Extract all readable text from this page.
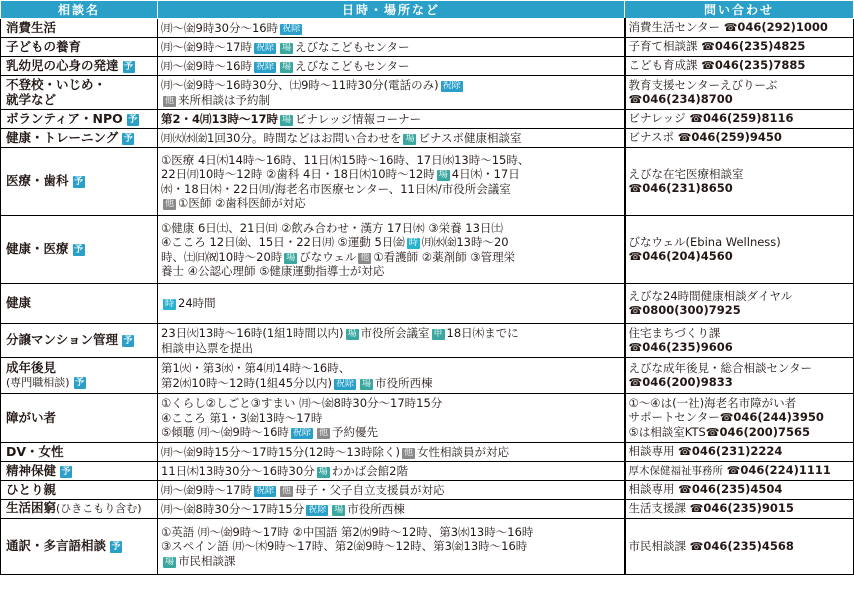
相談名	日時・場所など	問い合わせ
消費生活	㈪〜㈮9時30分〜16時 祝除	消費生活センター ☎046(292)1000
子どもの養育	㈪〜㈮9時〜17時 祝除 場 えびなこどもセンター	子育て相談課 ☎046(235)4825
乳幼児の心身の発達 予	㈪〜㈮9時〜16時 祝除 場 えびなこどもセンター	こども育成課 ☎046(235)7885
不登校・いじめ・
就学など	㈪〜㈮9時〜16時30分、㈯9時〜11時30分(電話のみ) 祝除
他 来所相談は予約制	教育支援センターえびりーぶ
☎046(234)8700
ボランティア・NPO 予	第2・4㈪13時〜17時 場 ビナレッジ情報コーナー	ビナレッジ ☎046(259)8116
健康・トレーニング 予	㈪㈫㈬㈮1回30分。時間などはお問い合わせを 場 ビナスポ健康相談室	ビナスポ ☎046(259)9450
医療・歯科 予	①医療 4日㈭14時〜16時、11日㈭15時〜16時、17日㈬13時〜15時、
22日㈪10時〜12時 ②歯科 4日・18日㈭10時〜12時 場 4日㈭・17日
㈬・18日㈭・22日㈪/海老名市医療センター、11日㈭/市役所会議室
他 ①医師 ②歯科医師が対応	えびな在宅医療相談室
☎046(231)8650
健康・医療 予	①健康 6日㈯、21日㈰ ②飲み合わせ・漢方 17日㈬ ③栄養 13日㈯
④こころ 12日㈮、15日・22日㈪ ⑤運動 5日㈮ 時 ㈪㈬㈮13時〜20
時、㈯㈰㈷10時〜20時 場 びなウェル 他 ①看護師 ②薬剤師 ③管理栄
養士 ④公認心理師 ⑤健康運動指導士が対応	びなウェル(Ebina Wellness)
☎046(204)4560
健康	時 24時間	えびな24時間健康相談ダイヤル
☎0800(300)7925
分譲マンション管理 予	23日㈫13時〜16時(1組1時間以内) 場 市役所会議室 申 18日㈭までに
相談申込票を提出	住宅まちづくり課
☎046(235)9606
成年後見
(専門職相談) 予	第1㈫・第3㈬・第4㈪14時〜16時、
第2㈬10時〜12時(1組45分以内) 祝除 場 市役所西棟	えびな成年後見・総合相談センター
☎046(200)9833
障がい者	①くらし②しごと③すまい ㈪〜㈮8時30分〜17時15分
④こころ 第1・3㈮13時〜17時
⑤傾聴 ㈪〜㈮9時〜16時 祝除 他 予約優先	①〜④は(一社)海老名市障がい者
サポートセンター☎046(244)3950
⑤は相談室KTS☎046(200)7565
DV・女性	㈪〜㈮9時15分〜17時15分(12時〜13時除く) 他 女性相談員が対応	相談専用 ☎046(231)2224
精神保健 予	11日㈭13時30分〜16時30分 場 わかば会館2階	厚木保健福祉事務所 ☎046(224)1111
ひとり親	㈪〜㈮9時〜17時 祝除 他 母子・父子自立支援員が対応	相談専用 ☎046(235)4504
生活困窮(ひきこもり含む)	㈪〜㈮8時30分〜17時15分 祝除 場 市役所西棟	生活支援課 ☎046(235)9015
通訳・多言語相談 予	①英語 ㈪〜㈮9時〜17時 ②中国語 第2㈬9時〜12時、第3㈬13時〜16時
③スペイン語 ㈪〜㈭9時〜17時、第2㈮9時〜12時、第3㈮13時〜16時
場 市民相談課	市民相談課 ☎046(235)4568
